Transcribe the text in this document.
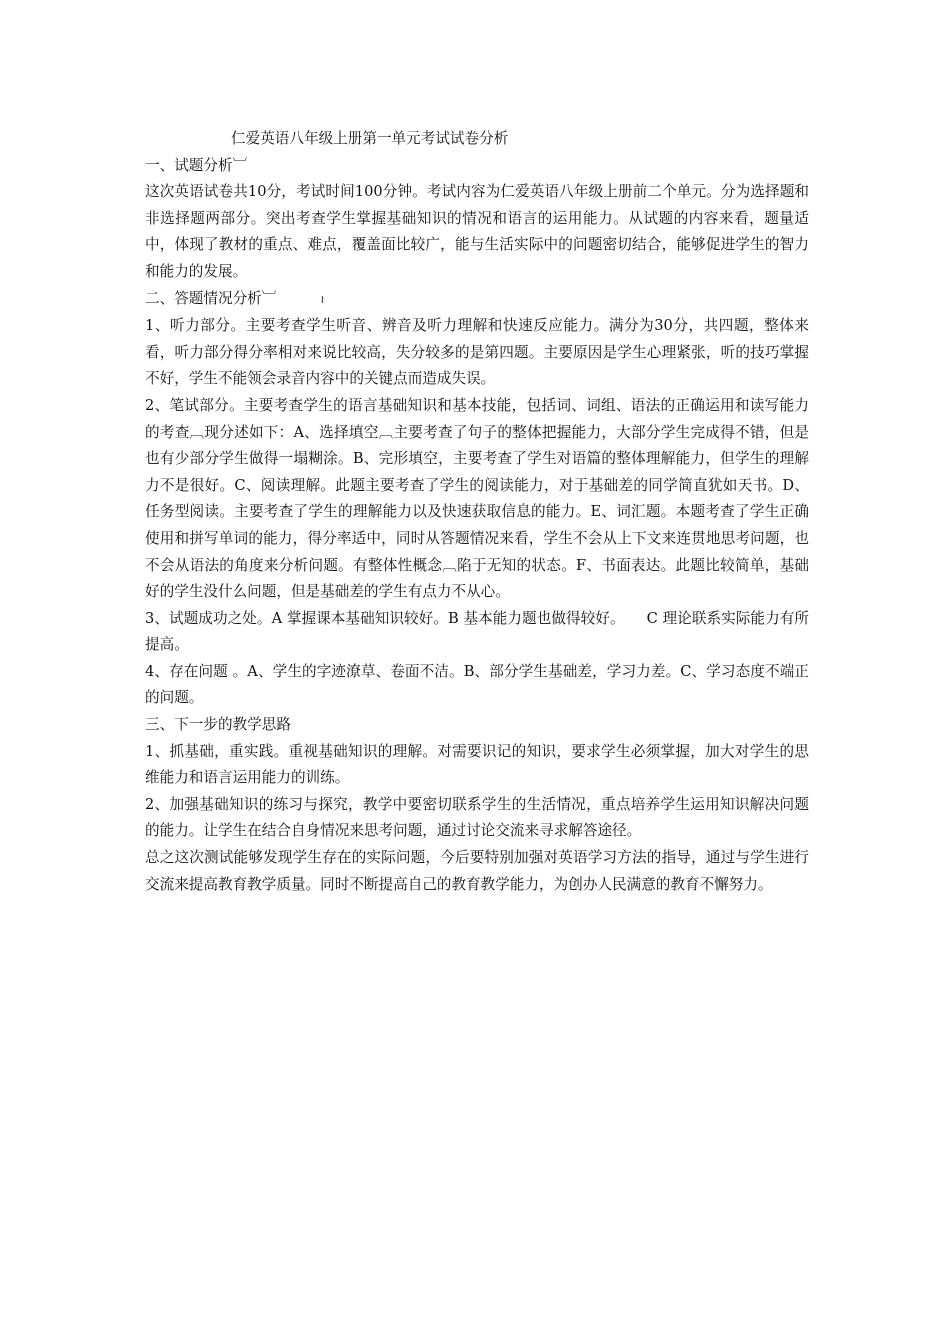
仁爱英语八年级上册第一单元考试试卷分析

一、试题分析︺

这次英语试卷共10分，考试时间100分钟。考试内容为仁爱英语八年级上册前二个单元。分为选择题和非选择题两部分。突出考查学生掌握基础知识的情况和语言的运用能力。从试题的内容来看，题量适中，体现了教材的重点、难点，覆盖面比较广，能与生活实际中的问题密切结合，能够促进学生的智力和能力的发展。

二、答题情况分析︺	≀

1、听力部分。主要考查学生听音、辨音及听力理解和快速反应能力。满分为30分，共四题，整体来看，听力部分得分率相对来说比较高，失分较多的是第四题。主要原因是学生心理紧张，听的技巧掌握不好，学生不能领会录音内容中的关键点而造成失误。

2、笔试部分。主要考查学生的语言基础知识和基本技能，包括词、词组、语法的正确运用和读写能力的考查︹现分述如下：A、选择填空︹主要考查了句子的整体把握能力，大部分学生完成得不错，但是也有少部分学生做得一塌糊涂。B、完形填空，主要考查了学生对语篇的整体理解能力，但学生的理解力不是很好。C、阅读理解。此题主要考查了学生的阅读能力，对于基础差的同学简直犹如天书。D、任务型阅读。主要考查了学生的理解能力以及快速获取信息的能力。E、词汇题。本题考查了学生正确使用和拼写单词的能力，得分率适中，同时从答题情况来看，学生不会从上下文来连贯地思考问题，也不会从语法的角度来分析问题。有整体性概念︹陷于无知的状态。F、书面表达。此题比较简单，基础好的学生没什么问题，但是基础差的学生有点力不从心。

3、试题成功之处。A 掌握课本基础知识较好。B 基本能力题也做得较好。　　C 理论联系实际能力有所提高。

4、存在问题 。A、学生的字迹潦草、卷面不洁。B、部分学生基础差，学习力差。C、学习态度不端正的问题。

三、下一步的教学思路

1、抓基础，重实践。重视基础知识的理解。对需要识记的知识，要求学生必须掌握，加大对学生的思维能力和语言运用能力的训练。

2、加强基础知识的练习与探究，教学中要密切联系学生的生活情况，重点培养学生运用知识解决问题的能力。让学生在结合自身情况来思考问题，通过讨论交流来寻求解答途径。

总之这次测试能够发现学生存在的实际问题，今后要特别加强对英语学习方法的指导，通过与学生进行交流来提高教育教学质量。同时不断提高自己的教育教学能力，为创办人民满意的教育不懈努力。
